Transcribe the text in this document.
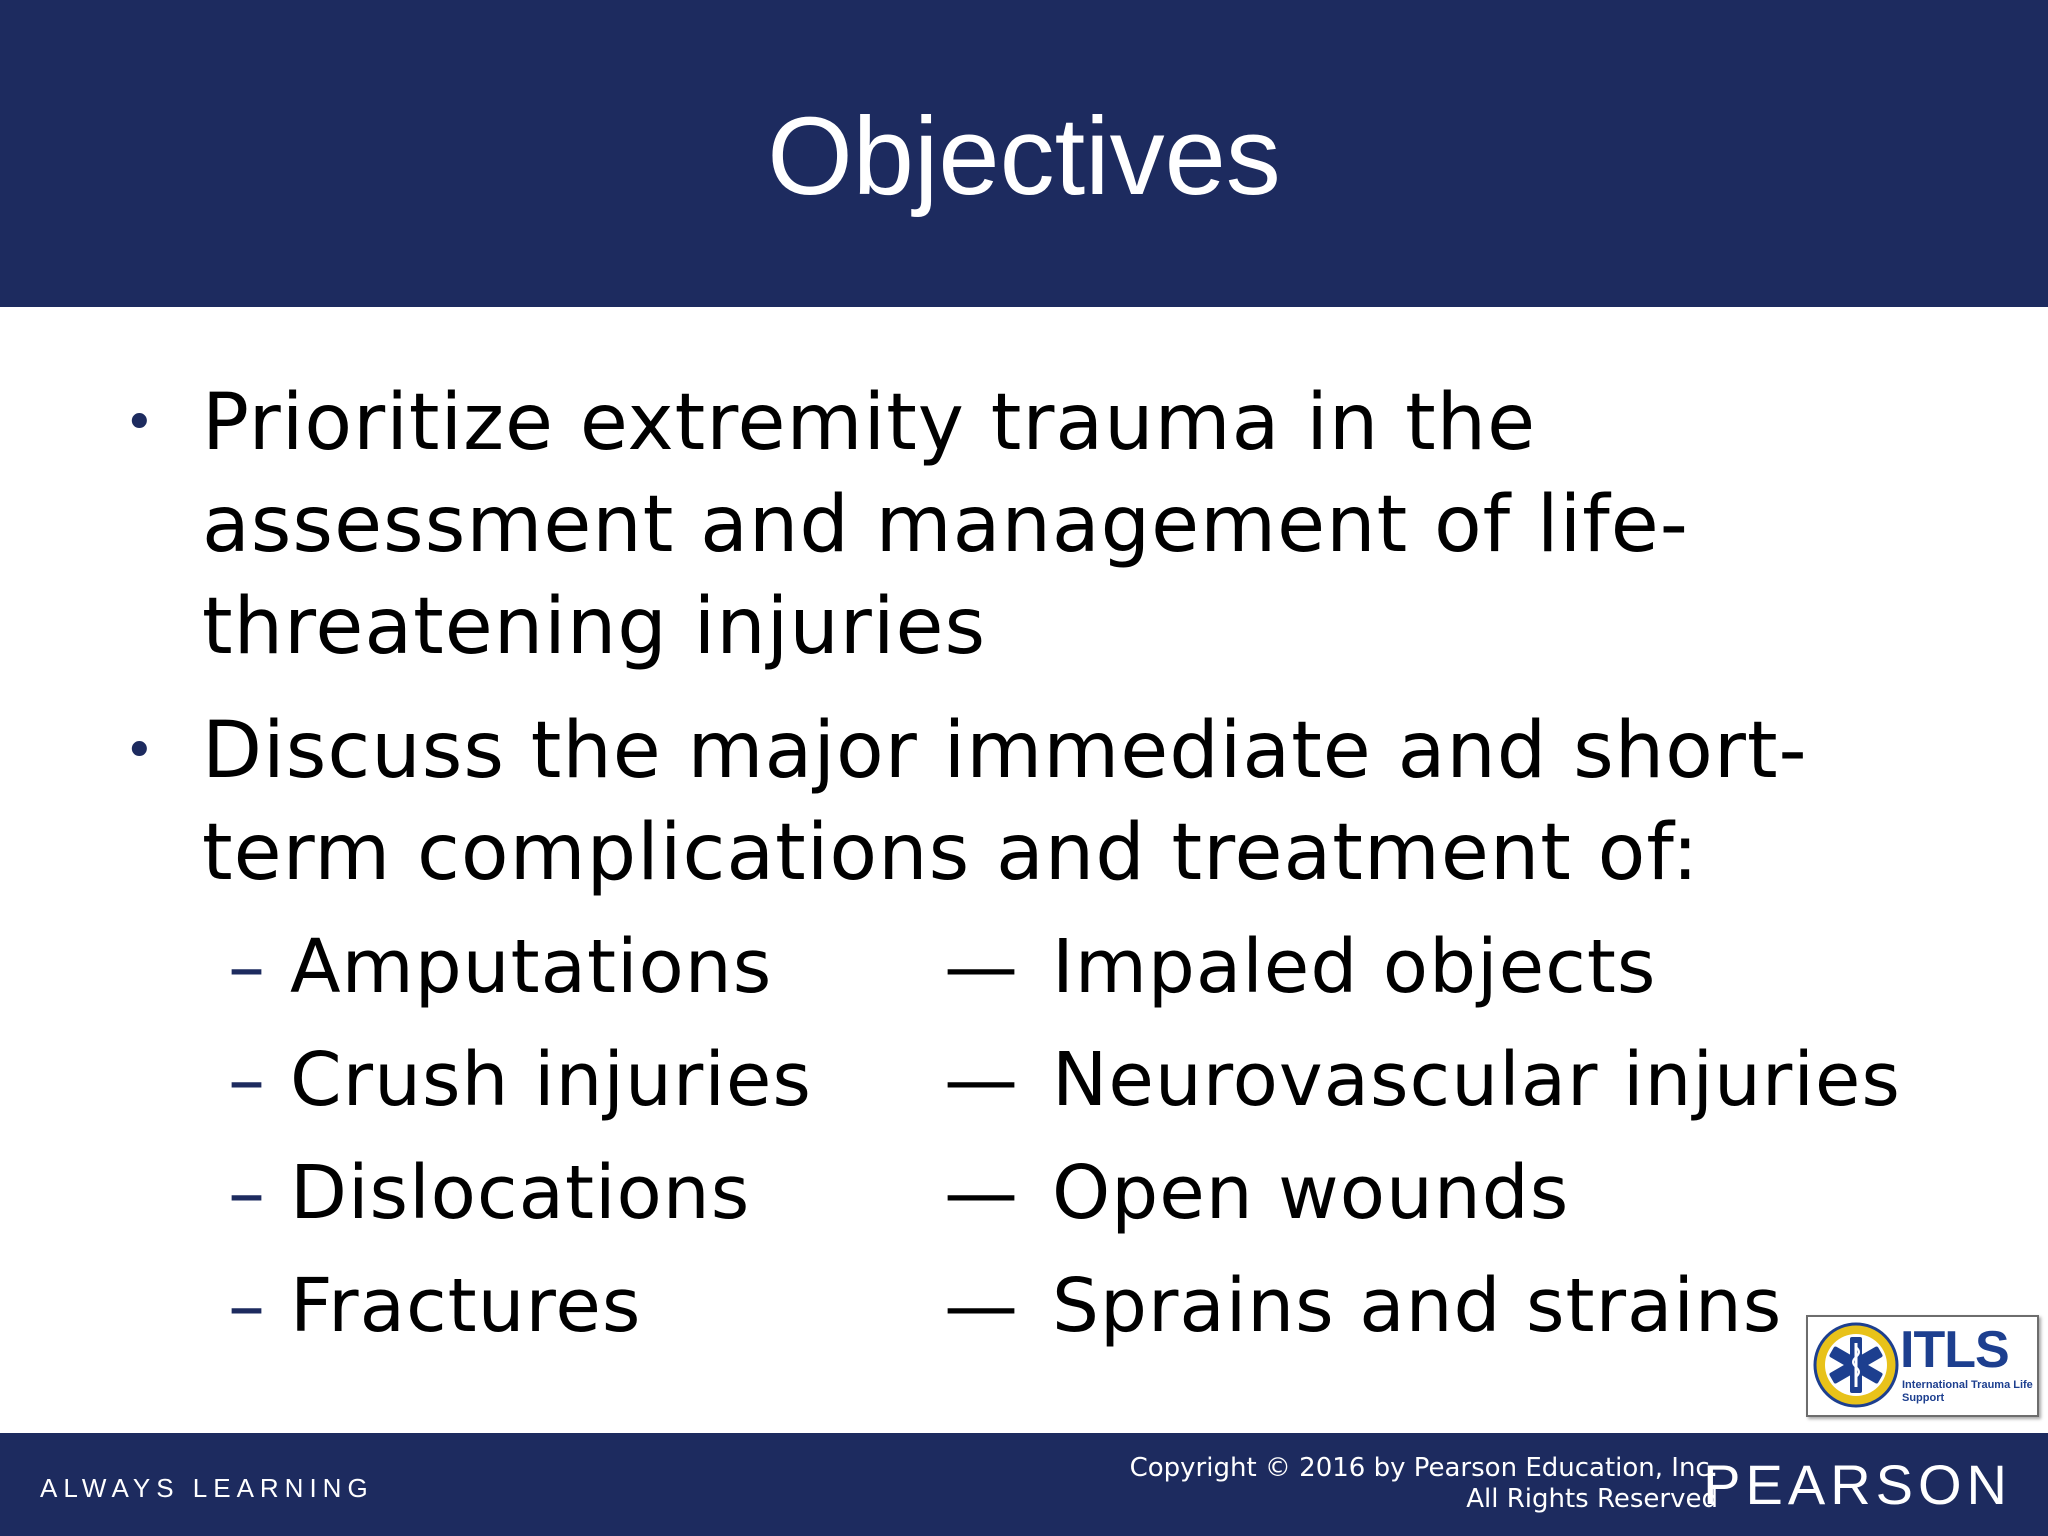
Objectives
• Prioritize extremity trauma in the
assessment and management of life-
threatening injuries
• Discuss the major immediate and short-
term complications and treatment of:
– Amputations
– Crush injuries
– Dislocations
– Fractures
— Impaled objects
— Neurovascular injuries
— Open wounds
— Sprains and strains
ITLS
International Trauma Life Support
ALWAYS LEARNING
Copyright © 2016 by Pearson Education, Inc.
All Rights Reserved
PEARSON
